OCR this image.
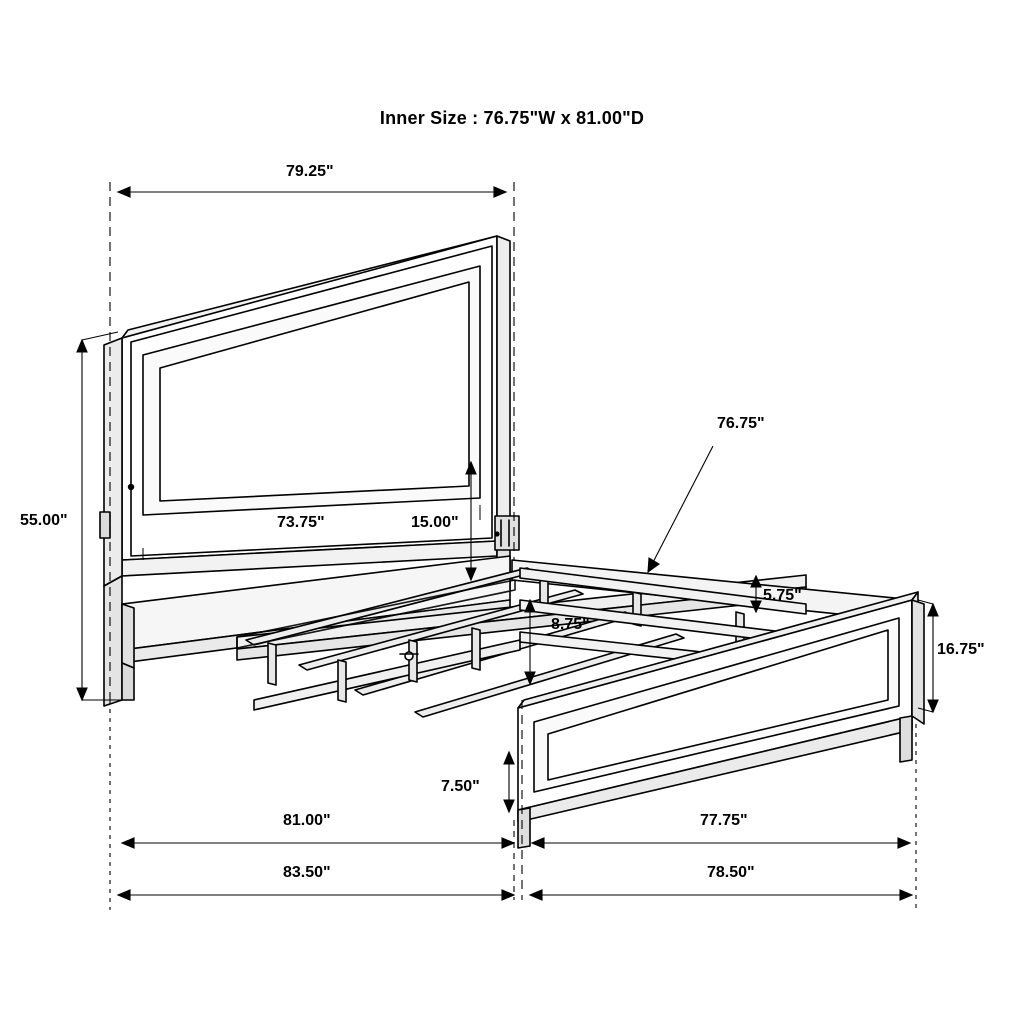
Inner Size : 76.75"W x 81.00"D
79.25"
55.00"	73.75"	15.00"
76.75"
5.75"
8.75"
16.75"
7.50"
81.00"	77.75"
83.50"	78.50"
